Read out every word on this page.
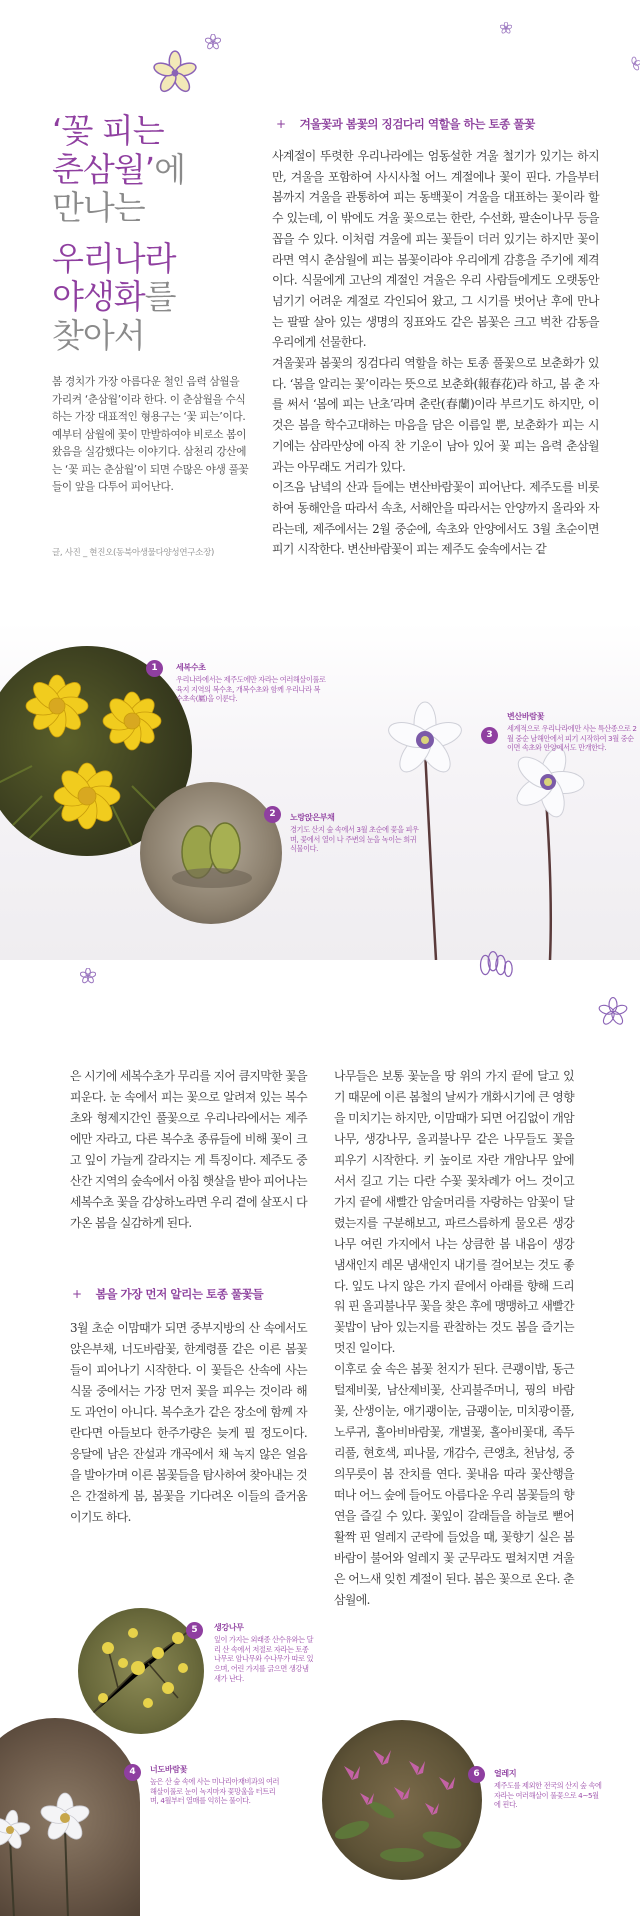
‘꽃 피는
춘삼월’에
만나는
우리나라
야생화를
찾아서
봄 경치가 가장 아름다운 철인 음력 삼월을 가리켜 ‘춘삼월’이라 한다. 이 춘삼월을 수식하는 가장 대표적인 형용구는 ‘꽃 피는’이다. 예부터 삼월에 꽃이 만발하여야 비로소 봄이 왔음을 실감했다는 이야기다. 삼천리 강산에는 ‘꽃 피는 춘삼월’이 되면 수많은 야생 풀꽃들이 앞을 다투어 피어난다.
글, 사진 _ 현진오(동북아생물다양성연구소장)
+ 겨울꽃과 봄꽃의 징검다리 역할을 하는 토종 풀꽃

사계절이 뚜렷한 우리나라에는 엄동설한 겨울 철기가 있기는 하지만, 겨울을 포함하여 사시사철 어느 계절에나 꽃이 핀다. 가을부터 봄까지 겨울을 관통하여 피는 동백꽃이 겨울을 대표하는 꽃이라 할 수 있는데, 이 밖에도 겨울 꽃으로는 한란, 수선화, 팔손이나무 등을 꼽을 수 있다. 이처럼 겨울에 피는 꽃들이 더러 있기는 하지만 꽃이라면 역시 춘삼월에 피는 봄꽃이라야 우리에게 감흥을 주기에 제격이다. 식물에게 고난의 계절인 겨울은 우리 사람들에게도 오랫동안 넘기기 어려운 계절로 각인되어 왔고, 그 시기를 벗어난 후에 만나는 팔팔 살아 있는 생명의 징표와도 같은 봄꽃은 크고 벅찬 감동을 우리에게 선물한다.

겨울꽃과 봄꽃의 징검다리 역할을 하는 토종 풀꽃으로 보춘화가 있다. ‘봄을 알리는 꽃’이라는 뜻으로 보춘화(報春花)라 하고, 봄 춘 자를 써서 ‘봄에 피는 난초’라며 춘란(春蘭)이라 부르기도 하지만, 이것은 봄을 학수고대하는 마음을 담은 이름일 뿐, 보춘화가 피는 시기에는 삼라만상에 아직 찬 기운이 남아 있어 꽃 피는 음력 춘삼월과는 아무래도 거리가 있다.

이즈음 남녘의 산과 들에는 변산바람꽃이 피어난다. 제주도를 비롯하여 동해안을 따라서 속초, 서해안을 따라서는 안양까지 올라와 자라는데, 제주에서는 2월 중순에, 속초와 안양에서도 3월 초순이면 피기 시작한다. 변산바람꽃이 피는 제주도 숲속에서는 같

1	세복수초
우리나라에서는 제주도에만 자라는 여러해살이풀로 육지 지역의 복수초, 개복수초와 함께 우리나라 복수초속(屬)을 이룬다.
2	노랑앉은부채
경기도 산지 숲 속에서 3월 초순에 꽃을 피우며, 꽃에서 열이 나 주변의 눈을 녹이는 희귀식물이다.
3
변산바람꽃
세계적으로 우리나라에만 사는 특산종으로 2월 중순 남해안에서 피기 시작하여 3월 중순이면 속초와 안양에서도 만개한다.
은 시기에 세복수초가 무리를 지어 큼지막한 꽃을 피운다. 눈 속에서 피는 꽃으로 알려져 있는 복수초와 형제지간인 풀꽃으로 우리나라에서는 제주에만 자라고, 다른 복수초 종류들에 비해 꽃이 크고 잎이 가늘게 갈라지는 게 특징이다. 제주도 중산간 지역의 숲속에서 아침 햇살을 받아 피어나는 세복수초 꽃을 감상하노라면 우리 곁에 살포시 다가온 봄을 실감하게 된다.
+ 봄을 가장 먼저 알리는 토종 풀꽃들
3월 초순 이맘때가 되면 중부지방의 산 속에서도 앉은부채, 너도바람꽃, 한계령풀 같은 이른 봄꽃들이 피어나기 시작한다. 이 꽃들은 산속에 사는 식물 중에서는 가장 먼저 꽃을 피우는 것이라 해도 과언이 아니다. 복수초가 같은 장소에 함께 자란다면 아들보다 한주가량은 늦게 필 정도이다. 응달에 남은 잔설과 개곡에서 채 녹지 않은 얼음을 발아가며 이른 봄꽃들을 탐사하여 찾아내는 것은 간절하게 봄, 봄꽃을 기다려온 이들의 즐거움이기도 하다.

나무들은 보통 꽃눈을 땅 위의 가지 끝에 달고 있기 때문에 이른 봄철의 날씨가 개화시기에 큰 영향을 미치기는 하지만, 이맘때가 되면 어김없이 개암나무, 생강나무, 올괴불나무 같은 나무들도 꽃을 피우기 시작한다. 키 높이로 자란 개암나무 앞에 서서 길고 기는 다란 수꽃 꽃차례가 어느 것이고 가지 끝에 새빨간 암술머리를 자랑하는 암꽃이 달렸는지를 구분해보고, 파르스름하게 물오른 생강나무 여린 가지에서 나는 상큼한 봄 내음이 생강 냄새인지 레몬 냄새인지 내기를 걸어보는 것도 좋다. 잎도 나지 않은 가지 끝에서 아래를 향해 드리워 핀 올괴불나무 꽃을 찾은 후에 맹맹하고 새빨간 꽃밥이 남아 있는지를 관찰하는 것도 봄을 즐기는 멋진 일이다.

이후로 숲 속은 봄꽃 천지가 된다. 큰괭이밥, 동근털제비꽃, 남산제비꽃, 산괴불주머니, 꿩의 바람꽃, 산생이눈, 애기괭이눈, 금괭이눈, 미치광이풀, 노루귀, 홀아비바람꽃, 개별꽃, 홀아비꽃대, 족두리풀, 현호색, 피나물, 개감수, 큰앵초, 천남성, 중의무릇이 봄 잔치를 연다. 꽃내음 따라 꽃산행을 떠나 어느 숲에 들어도 아름다운 우리 봄꽃들의 향연을 즐길 수 있다. 꽃잎이 갈래들을 하늘로 뻗어 활짝 핀 얼레지 군락에 들었을 때, 꽃향기 실은 봄바람이 불어와 얼레지 꽃 군무라도 펼쳐지면 겨울은 어느새 잊힌 계절이 된다. 봄은 꽃으로 온다. 춘삼월에.

5	생강나무
잎이 가지는 외래종 산수유와는 달리 산 속에서 저절로 자라는 토종 나무로 암나무와 수나무가 따로 있으며, 어린 가지를 긁으면 생강냄새가 난다.
4	너도바람꽃
높은 산 숲 속에 사는 미나리아재비과의 여러해살이풀로 눈이 녹지마자 꽃망울을 터트리며, 4월부터 열매를 익히는 풀이다.
6	얼레지
제주도를 제외한 전국의 산지 숲 속에 자라는 여러해살이 풀꽃으로 4~5월에 핀다.
